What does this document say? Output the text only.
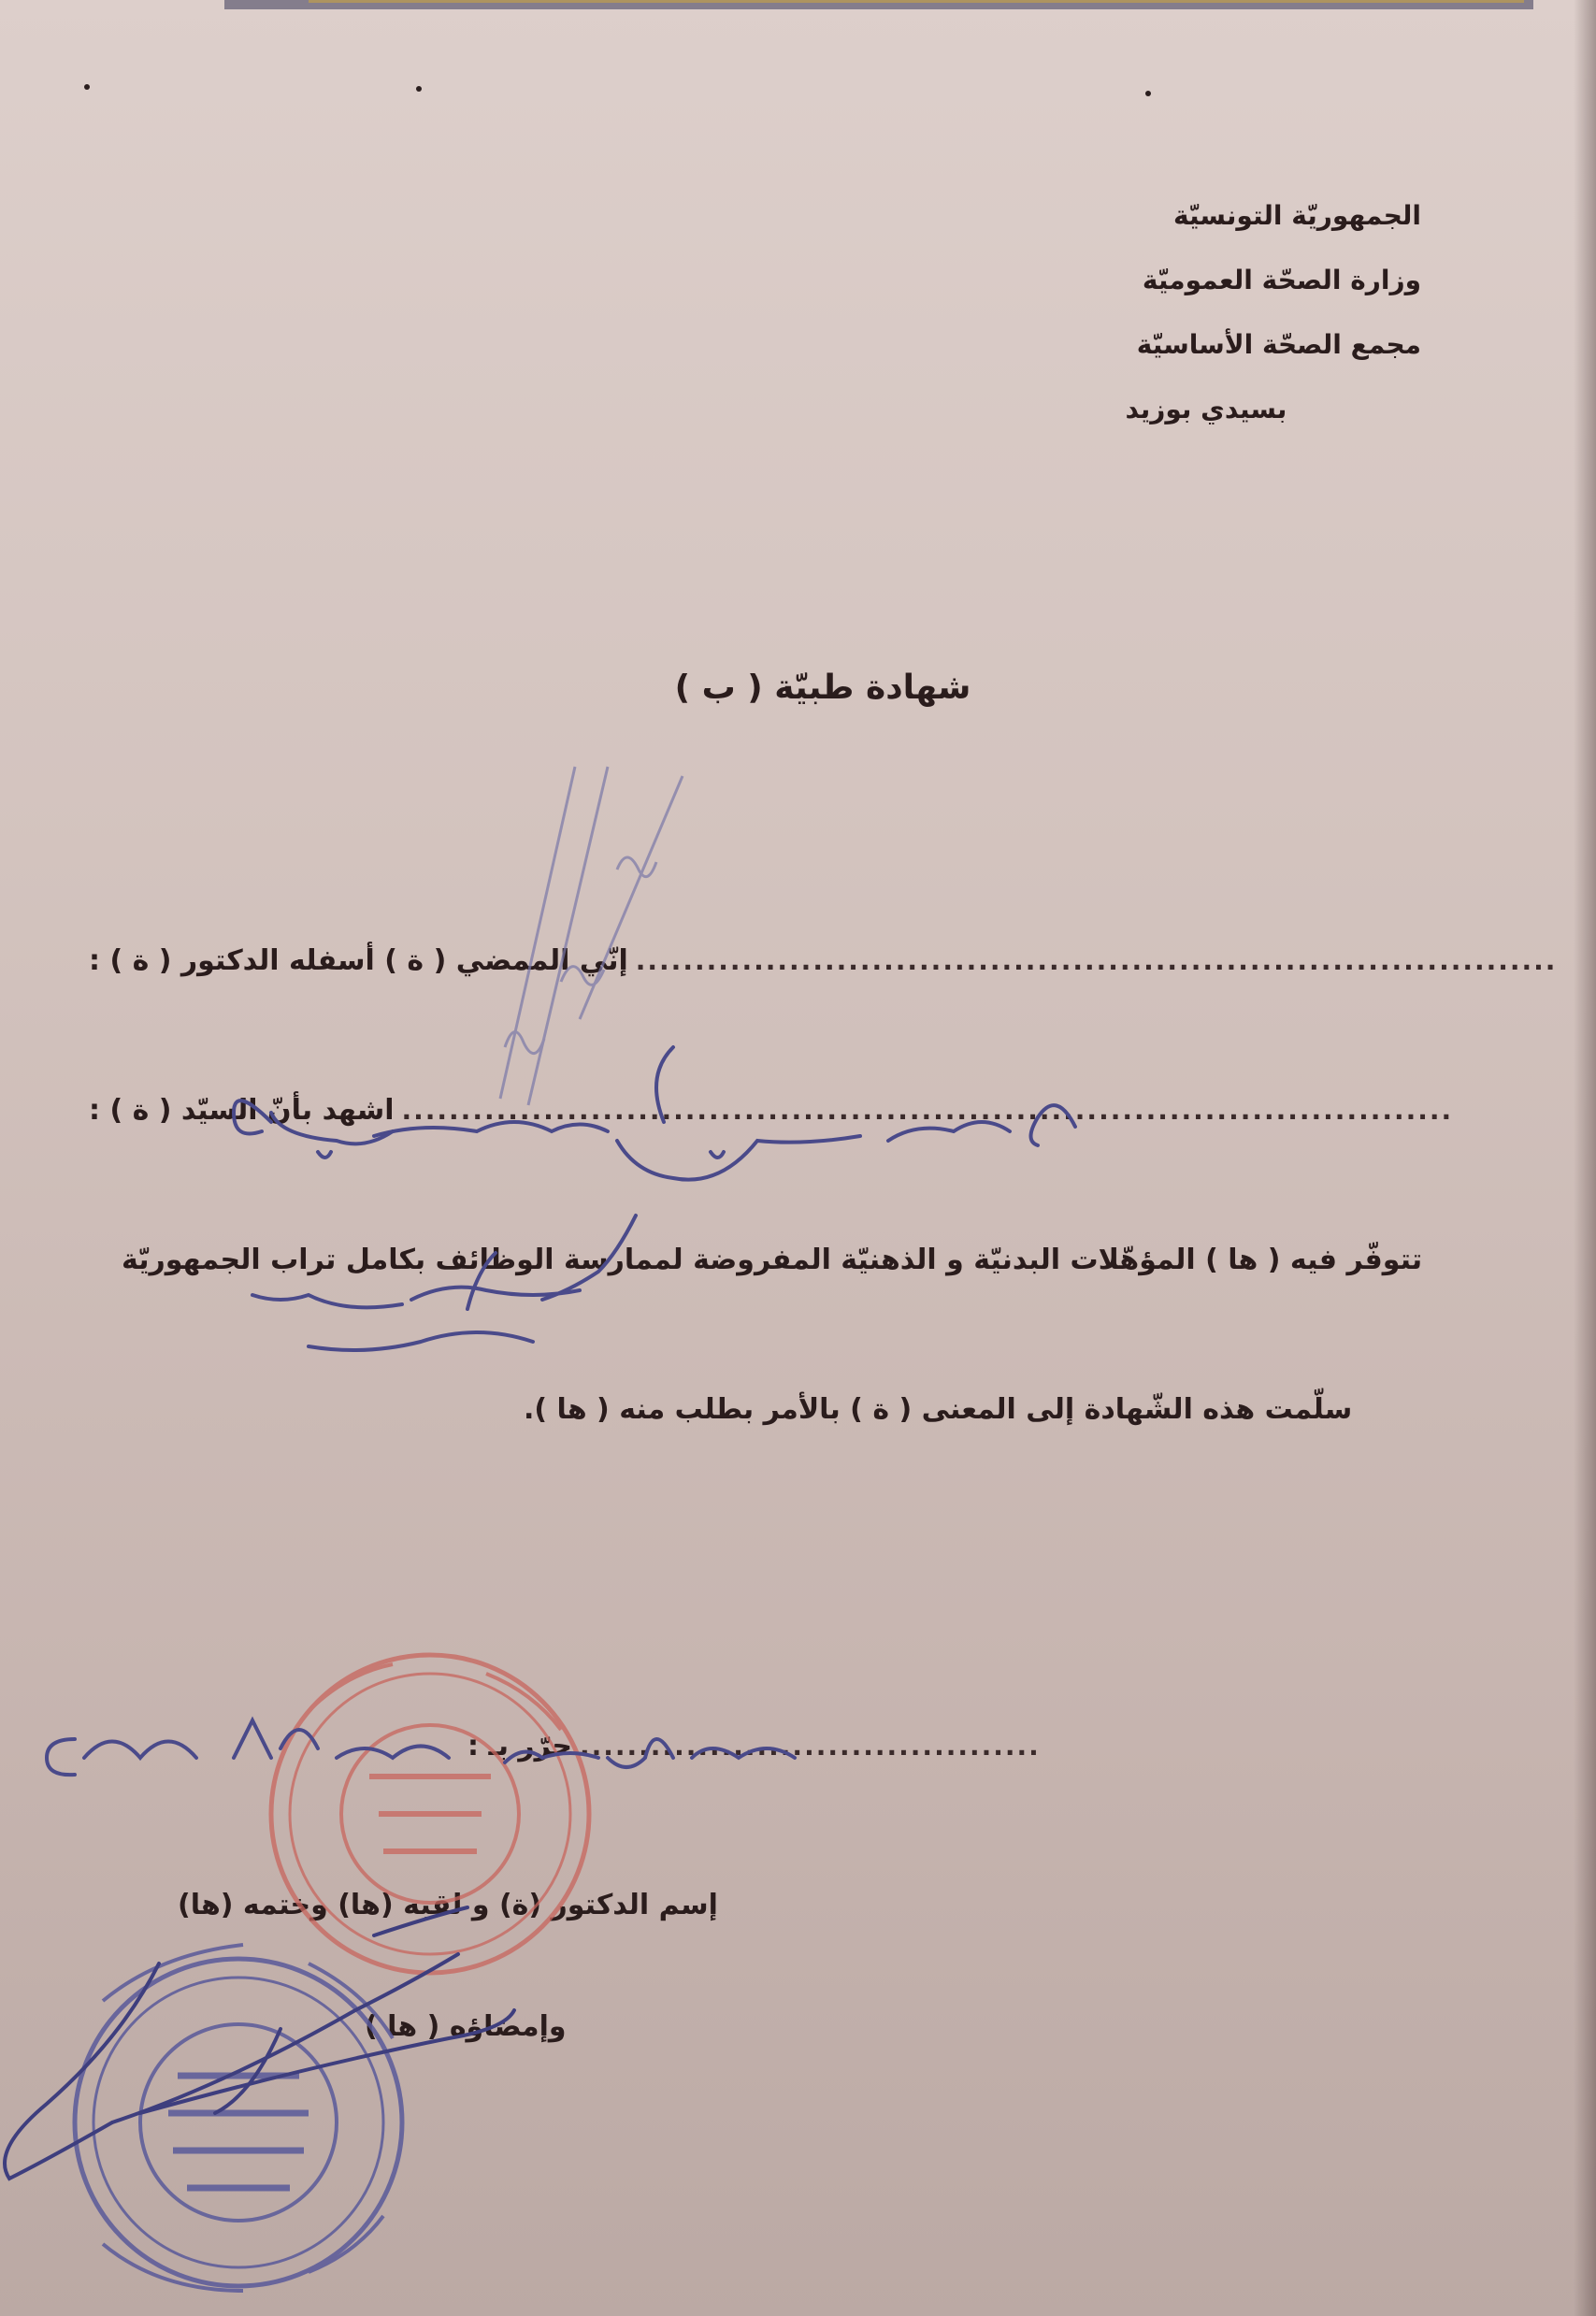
الجمهوريّة التونسيّة
وزارة الصحّة العموميّة
مجمع الصحّة الأساسيّة
بسيدي بوزيد
شهادة طبيّة ( ب )
إنّي الممضي ( ة ) أسفله الدكتور ( ة ) : ..............................................................................
اشهد بأنّ السيّد ( ة ) : .........................................................................................
تتوفّر فيه ( ها ) المؤهّلات البدنيّة و الذهنيّة المفروضة لممارسة الوظائف بكامل تراب الجمهوريّة
سلّمت هذه الشّهادة إلى المعنى ( ة ) بالأمر بطلب منه ( ها ).
حرّر بـ : .......................................
إسم الدكتور (ة) و لقبه (ها) وختمه (ها)
وإمضاؤه ( ها )
